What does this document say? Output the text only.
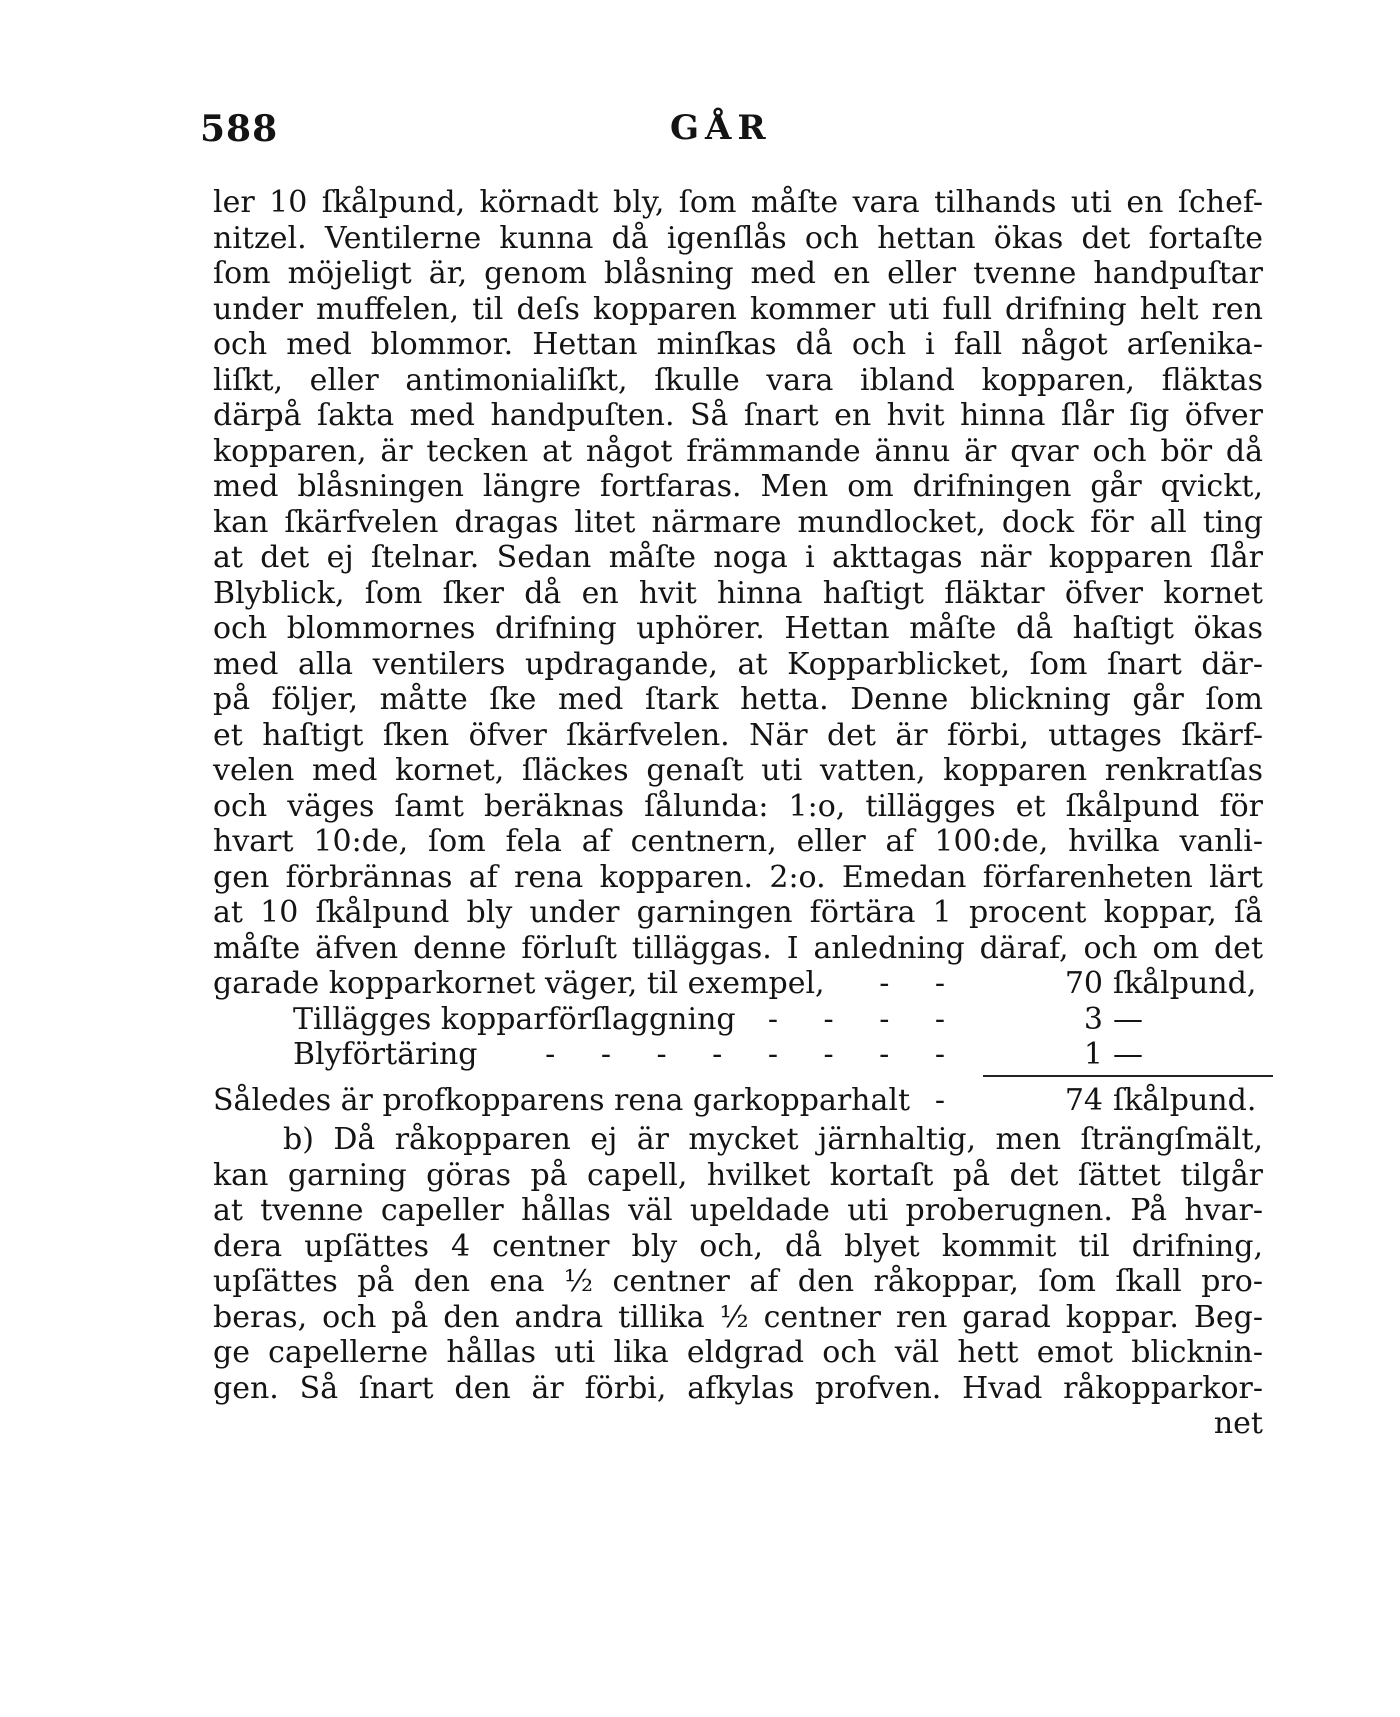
588	GÅR
ler 10 ſkålpund, körnadt bly, ſom måſte vara tilhands uti en ſchef-
nitzel. Ventilerne kunna då igenſlås och hettan ökas det fortaſte
ſom möjeligt är, genom blåsning med en eller tvenne handpuſtar
under muffelen, til deſs kopparen kommer uti full drifning helt ren
och med blommor. Hettan minſkas då och i fall något arſenika-
liſkt, eller antimonialiſkt, ſkulle vara ibland kopparen, fläktas
därpå ſakta med handpuſten. Så ſnart en hvit hinna ſlår ſig öfver
kopparen, är tecken at något främmande ännu är qvar och bör då
med blåsningen längre fortfaras. Men om drifningen går qvickt,
kan ſkärfvelen dragas litet närmare mundlocket, dock för all ting
at det ej ſtelnar. Sedan måſte noga i akttagas när kopparen ſlår
Blyblick, ſom ſker då en hvit hinna haſtigt fläktar öfver kornet
och blommornes drifning uphörer. Hettan måſte då haſtigt ökas
med alla ventilers updragande, at Kopparblicket, ſom ſnart där-
på följer, måtte ſke med ſtark hetta. Denne blickning går ſom
et haſtigt ſken öfver ſkärfvelen. När det är förbi, uttages ſkärf-
velen med kornet, ſläckes genaſt uti vatten, kopparen renkratſas
och väges ſamt beräknas ſålunda: 1:o, tillägges et ſkålpund för
hvart 10:de, ſom fela af centnern, eller af 100:de, hvilka vanli-
gen förbrännas af rena kopparen. 2:o. Emedan förfarenheten lärt
at 10 ſkålpund bly under garningen förtära 1 procent koppar, ſå
måſte äfven denne förluſt tilläggas. I anledning däraf, och om det
garade kopparkornet väger, til exempel,	- -	70 ſkålpund,
Tillägges kopparförſlaggning	- - - -	3 —
Blyförtäring - - - - - - - -	1 —
Således är profkopparens rena garkopparhalt -	74 ſkålpund.
b) Då råkopparen ej är mycket järnhaltig, men ſträngſmält,
kan garning göras på capell, hvilket kortaſt på det ſättet tilgår
at tvenne capeller hållas väl upeldade uti proberugnen. På hvar-
dera upſättes 4 centner bly och, då blyet kommit til drifning,
upſättes på den ena ½ centner af den råkoppar, ſom ſkall pro-
beras, och på den andra tillika ½ centner ren garad koppar. Beg-
ge capellerne hållas uti lika eldgrad och väl hett emot blicknin-
gen. Så ſnart den är förbi, afkylas profven. Hvad råkopparkor-
net
